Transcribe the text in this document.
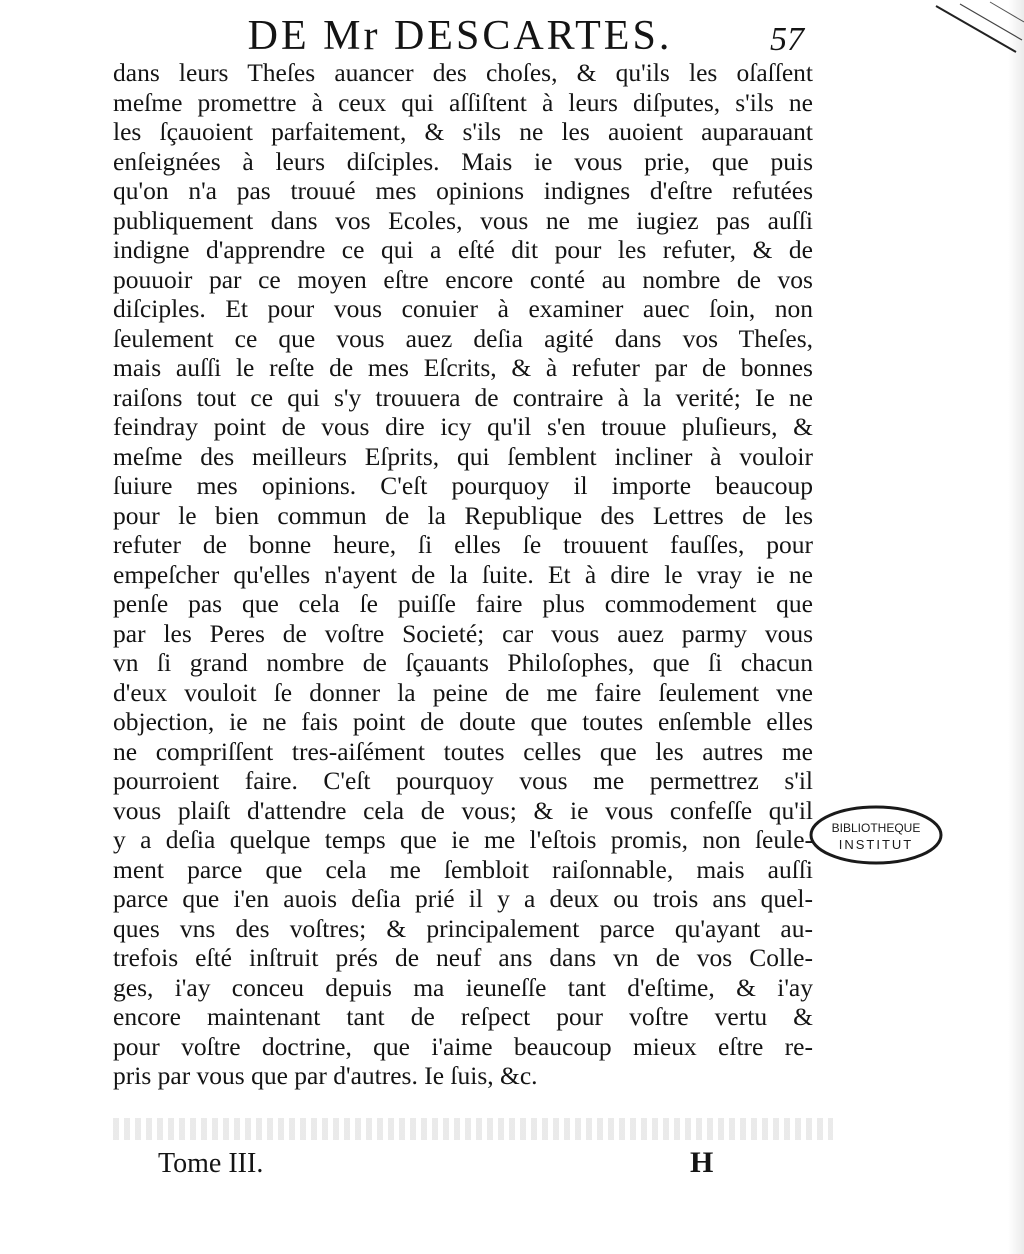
DE Mr DESCARTES.	57
dans leurs Theſes auancer des choſes, & qu'ils les oſaſſent
meſme promettre à ceux qui aſſiſtent à leurs diſputes, s'ils ne
les ſçauoient parfaitement, & s'ils ne les auoient auparauant
enſeignées à leurs diſciples. Mais ie vous prie, que puis
qu'on n'a pas trouué mes opinions indignes d'eſtre refutées
publiquement dans vos Ecoles, vous ne me iugiez pas auſſi
indigne d'apprendre ce qui a eſté dit pour les refuter, & de
pouuoir par ce moyen eſtre encore conté au nombre de vos
diſciples. Et pour vous conuier à examiner auec ſoin, non
ſeulement ce que vous auez deſia agité dans vos Theſes,
mais auſſi le reſte de mes Eſcrits, & à refuter par de bonnes
raiſons tout ce qui s'y trouuera de contraire à la verité; Ie ne
feindray point de vous dire icy qu'il s'en trouue pluſieurs, &
meſme des meilleurs Eſprits, qui ſemblent incliner à vouloir
ſuiure mes opinions. C'eſt pourquoy il importe beaucoup
pour le bien commun de la Republique des Lettres de les
refuter de bonne heure, ſi elles ſe trouuent fauſſes, pour
empeſcher qu'elles n'ayent de la ſuite. Et à dire le vray ie ne
penſe pas que cela ſe puiſſe faire plus commodement que
par les Peres de voſtre Societé; car vous auez parmy vous
vn ſi grand nombre de ſçauants Philoſophes, que ſi chacun
d'eux vouloit ſe donner la peine de me faire ſeulement vne
objection, ie ne fais point de doute que toutes enſemble elles
ne compriſſent tres-aiſément toutes celles que les autres me
pourroient faire. C'eſt pourquoy vous me permettrez s'il
vous plaiſt d'attendre cela de vous; & ie vous confeſſe qu'il
y a deſia quelque temps que ie me l'eſtois promis, non ſeule-
ment parce que cela me ſembloit raiſonnable, mais auſſi
parce que i'en auois deſia prié il y a deux ou trois ans quel-
ques vns des voſtres; & principalement parce qu'ayant au-
trefois eſté inſtruit prés de neuf ans dans vn de vos Colle-
ges, i'ay conceu depuis ma ieuneſſe tant d'eſtime, & i'ay
encore maintenant tant de reſpect pour voſtre vertu &
pour voſtre doctrine, que i'aime beaucoup mieux eſtre re-
pris par vous que par d'autres. Ie ſuis, &c.
BIBLIOTHEQUE
INSTITUT
Tome III.	H
